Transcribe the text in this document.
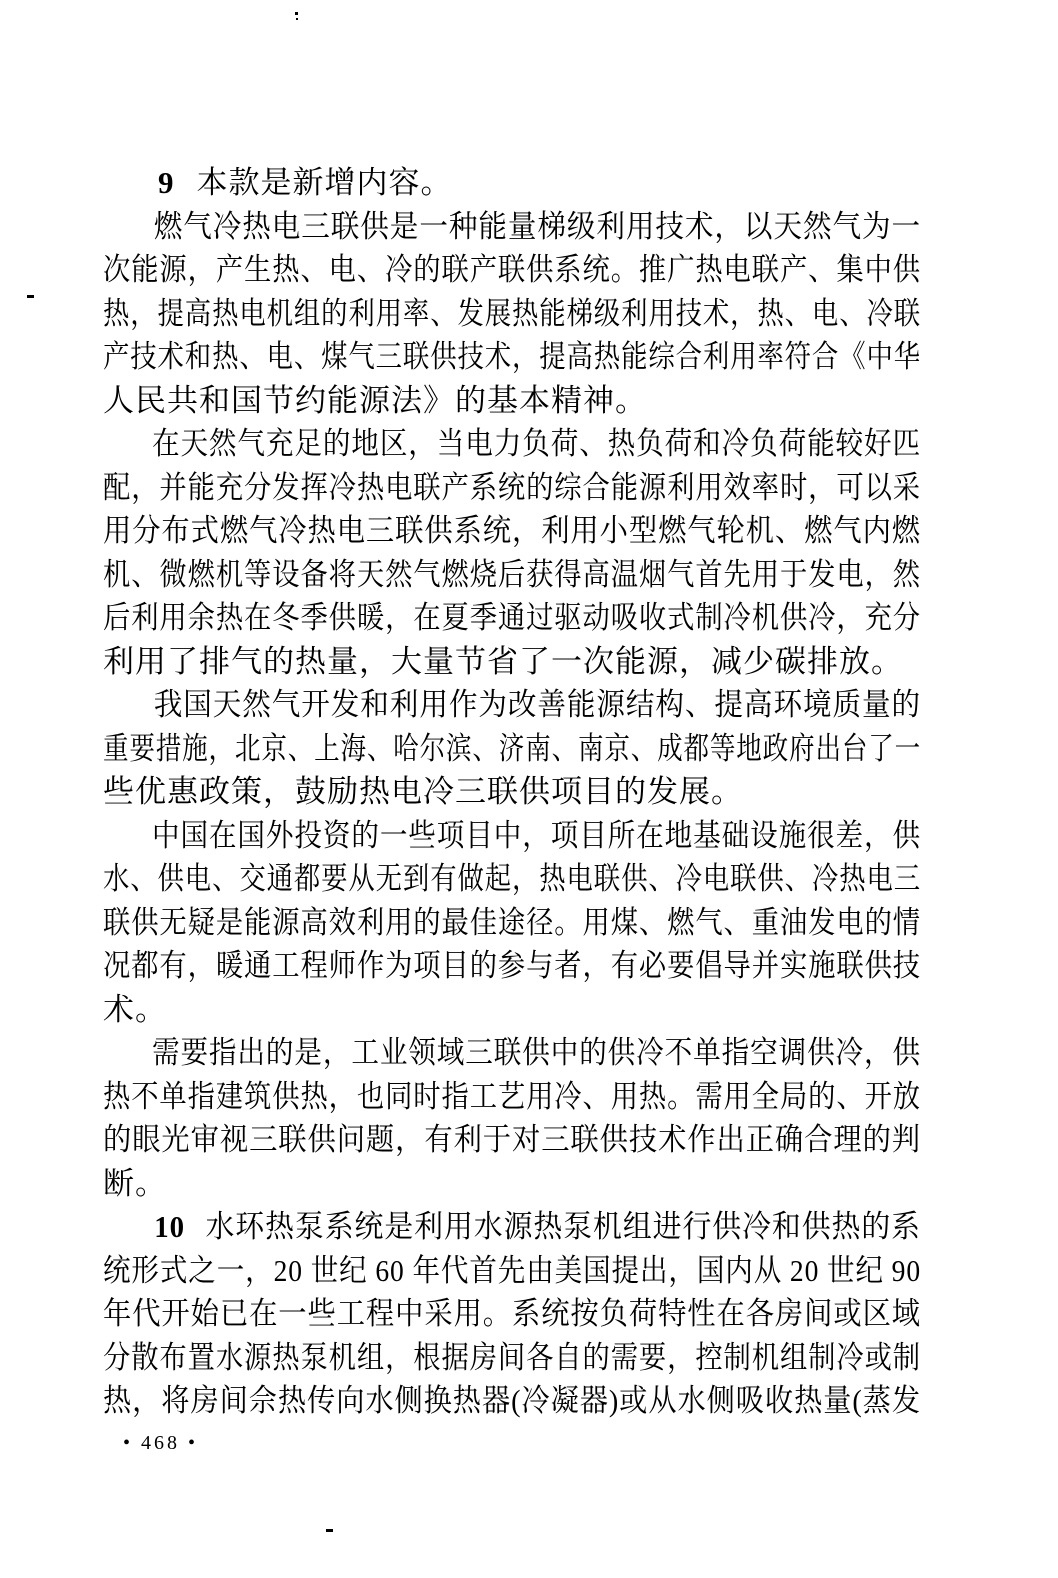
9 本款是新增内容。

燃气冷热电三联供是一种能量梯级利用技术，以天然气为一
次能源，产生热、电、冷的联产联供系统。推广热电联产、集中供
热，提高热电机组的利用率、发展热能梯级利用技术，热、电、冷联
产技术和热、电、煤气三联供技术，提高热能综合利用率符合《中华
人民共和国节约能源法》的基本精神。

在天然气充足的地区，当电力负荷、热负荷和冷负荷能较好匹
配，并能充分发挥冷热电联产系统的综合能源利用效率时，可以采
用分布式燃气冷热电三联供系统，利用小型燃气轮机、燃气内燃
机、微燃机等设备将天然气燃烧后获得高温烟气首先用于发电，然
后利用余热在冬季供暖，在夏季通过驱动吸收式制冷机供冷，充分
利用了排气的热量，大量节省了一次能源，减少碳排放。

我国天然气开发和利用作为改善能源结构、提高环境质量的
重要措施，北京、上海、哈尔滨、济南、南京、成都等地政府出台了一
些优惠政策，鼓励热电冷三联供项目的发展。

中国在国外投资的一些项目中，项目所在地基础设施很差，供
水、供电、交通都要从无到有做起，热电联供、冷电联供、冷热电三
联供无疑是能源高效利用的最佳途径。用煤、燃气、重油发电的情
况都有，暖通工程师作为项目的参与者，有必要倡导并实施联供技
术。

需要指出的是，工业领域三联供中的供冷不单指空调供冷，供
热不单指建筑供热，也同时指工艺用冷、用热。需用全局的、开放
的眼光审视三联供问题，有利于对三联供技术作出正确合理的判
断。

10 水环热泵系统是利用水源热泵机组进行供冷和供热的系
统形式之一，20 世纪 60 年代首先由美国提出，国内从 20 世纪 90
年代开始已在一些工程中采用。系统按负荷特性在各房间或区域
分散布置水源热泵机组，根据房间各自的需要，控制机组制冷或制
热，将房间佘热传向水侧换热器(冷凝器)或从水侧吸收热量(蒸发

• 468 •
